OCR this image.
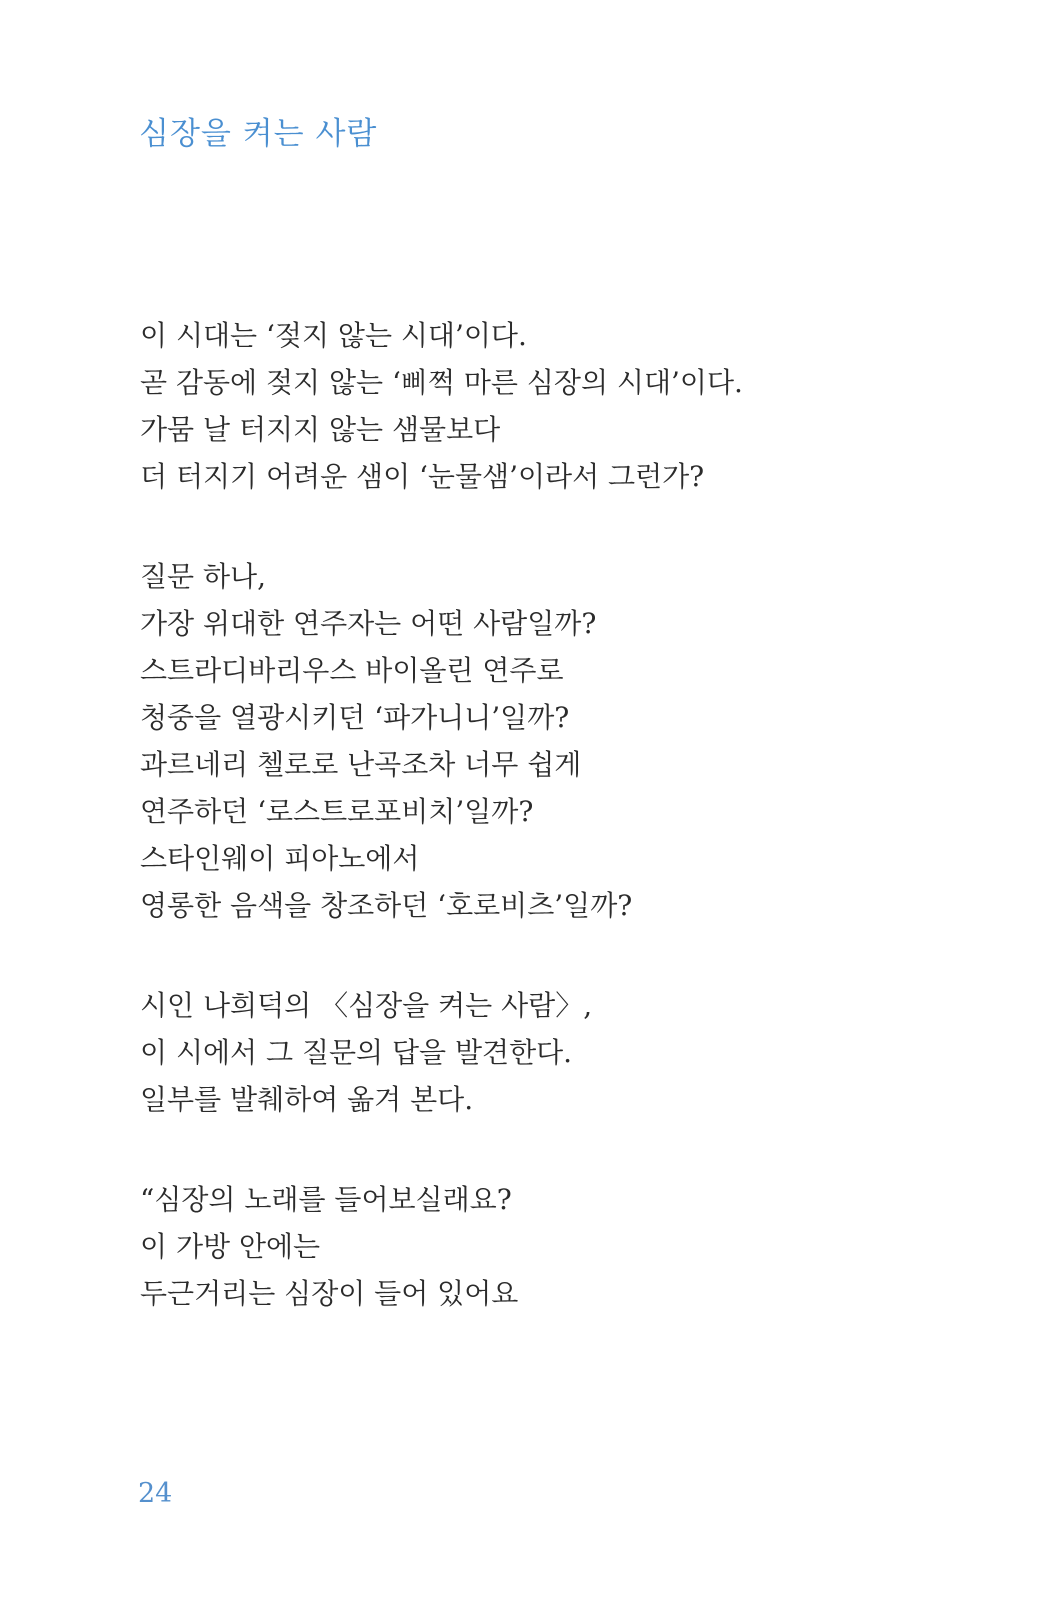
심장을 켜는 사람

이 시대는 ‘젖지 않는 시대’이다.
곧 감동에 젖지 않는 ‘삐쩍 마른 심장의 시대’이다.
가뭄 날 터지지 않는 샘물보다
더 터지기 어려운 샘이 ‘눈물샘’이라서 그런가?

질문 하나,
가장 위대한 연주자는 어떤 사람일까?
스트라디바리우스 바이올린 연주로
청중을 열광시키던 ‘파가니니’일까?
과르네리 첼로로 난곡조차 너무 쉽게
연주하던 ‘로스트로포비치’일까?
스타인웨이 피아노에서
영롱한 음색을 창조하던 ‘호로비츠’일까?

시인 나희덕의 〈심장을 켜는 사람〉,
이 시에서 그 질문의 답을 발견한다.
일부를 발췌하여 옮겨 본다.

“심장의 노래를 들어보실래요?
이 가방 안에는
두근거리는 심장이 들어 있어요

24
